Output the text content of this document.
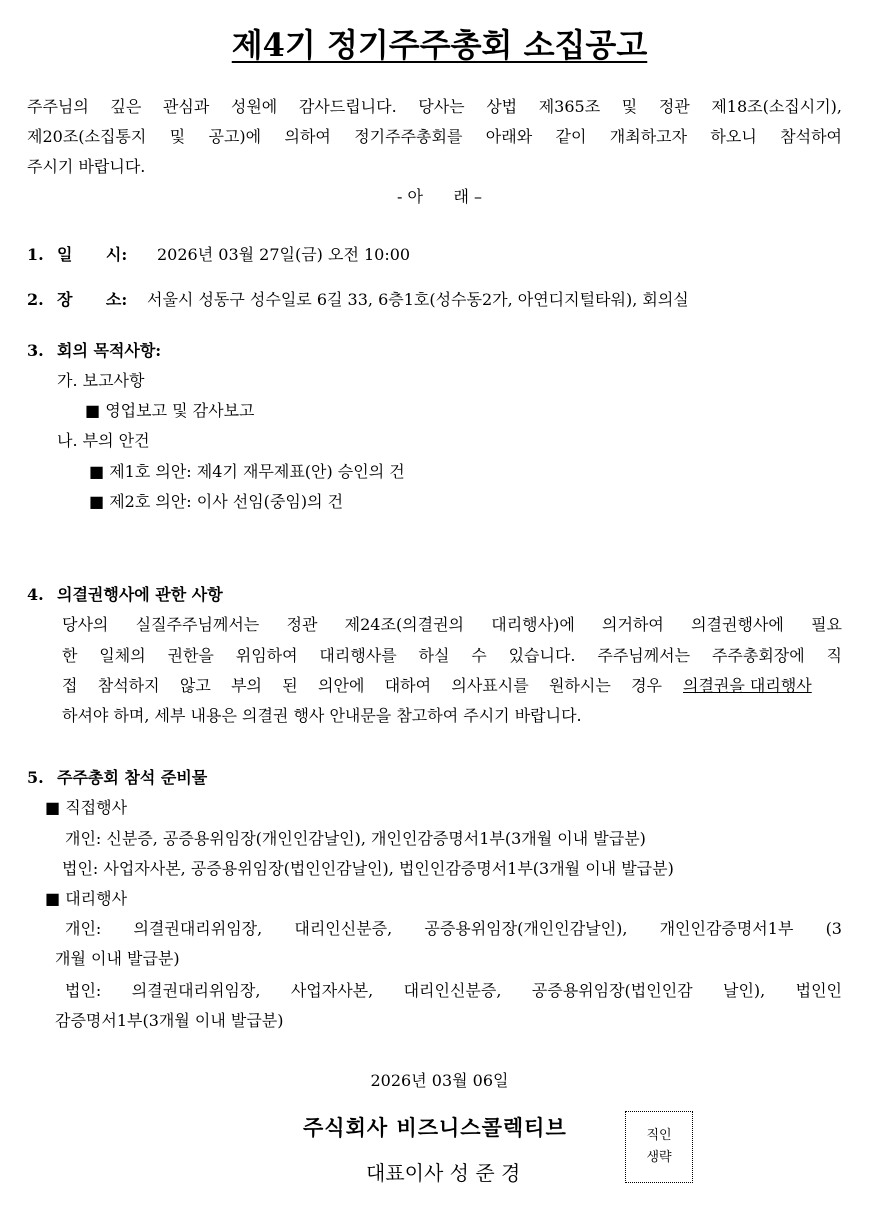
제4기 정기주주총회 소집공고
주주님의 깊은 관심과 성원에 감사드립니다. 당사는 상법 제365조 및 정관 제18조(소집시기),
제20조(소집통지 및 공고)에 의하여 정기주주총회를 아래와 같이 개최하고자 하오니 참석하여
주시기 바랍니다.
- 아      래 –
1. 일      시: 2026년 03월 27일(금) 오전 10:00
2. 장      소: 서울시 성동구 성수일로 6길 33, 6층1호(성수동2가, 아연디지털타워), 회의실
3. 회의 목적사항:
가. 보고사항
■ 영업보고 및 감사보고
나. 부의 안건
■ 제1호 의안: 제4기 재무제표(안) 승인의 건
■ 제2호 의안: 이사 선임(중임)의 건
4. 의결권행사에 관한 사항
당사의 실질주주님께서는 정관 제24조(의결권의 대리행사)에 의거하여 의결권행사에 필요
한 일체의 권한을 위임하여 대리행사를 하실 수 있습니다. 주주님께서는 주주총회장에 직
접 참석하지 않고 부의 된 의안에 대하여 의사표시를 원하시는 경우 의결권을 대리행사
하셔야 하며, 세부 내용은 의결권 행사 안내문을 참고하여 주시기 바랍니다.
5. 주주총회 참석 준비물
■ 직접행사
개인: 신분증, 공증용위임장(개인인감날인), 개인인감증명서1부(3개월 이내 발급분)
법인: 사업자사본, 공증용위임장(법인인감날인), 법인인감증명서1부(3개월 이내 발급분)
■ 대리행사
개인: 의결권대리위임장, 대리인신분증, 공증용위임장(개인인감날인), 개인인감증명서1부 (3
개월 이내 발급분)
법인: 의결권대리위임장, 사업자사본, 대리인신분증, 공증용위임장(법인인감 날인), 법인인
감증명서1부(3개월 이내 발급분)
2026년 03월 06일
주식회사 비즈니스콜렉티브
대표이사 성 준 경
직인
생략
